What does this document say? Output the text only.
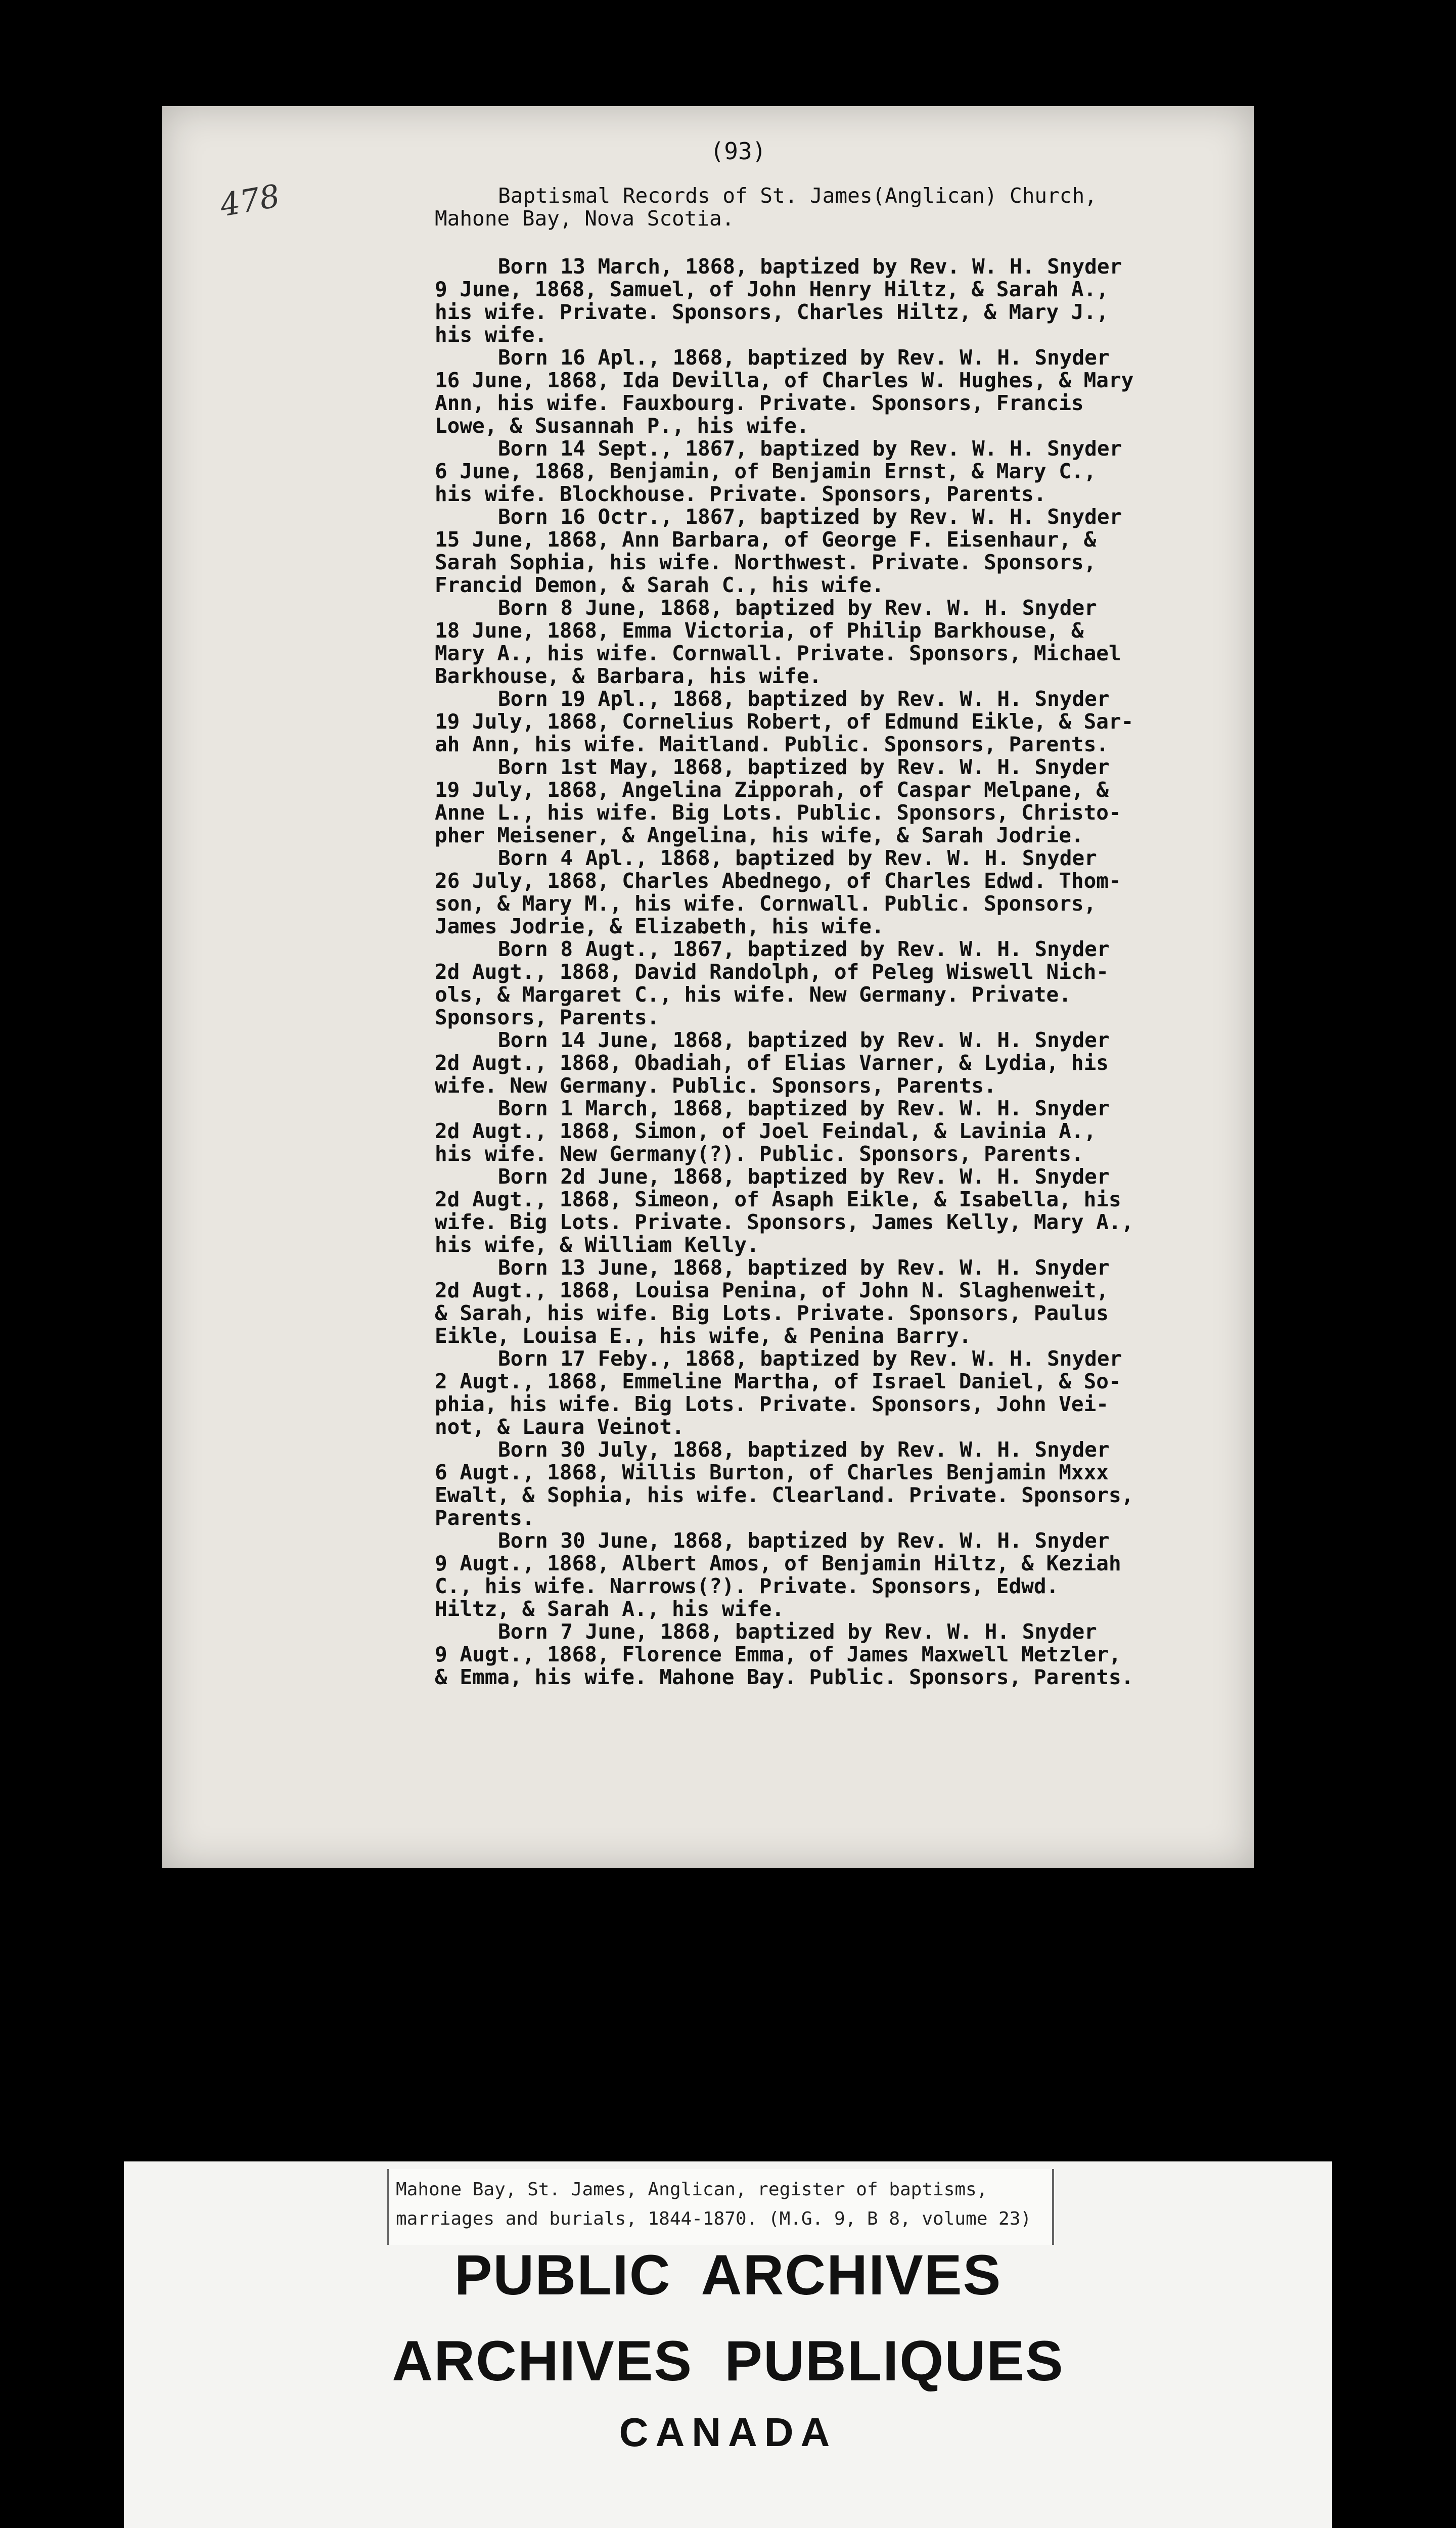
478
(93)
Baptismal Records of St. James(Anglican) Church,
Mahone Bay, Nova Scotia.
Born 13 March, 1868, baptized by Rev. W. H. Snyder
9 June, 1868, Samuel, of John Henry Hiltz, & Sarah A.,
his wife. Private. Sponsors, Charles Hiltz, & Mary J.,
his wife.
Born 16 Apl., 1868, baptized by Rev. W. H. Snyder
16 June, 1868, Ida Devilla, of Charles W. Hughes, & Mary
Ann, his wife. Fauxbourg. Private. Sponsors, Francis
Lowe, & Susannah P., his wife.
Born 14 Sept., 1867, baptized by Rev. W. H. Snyder
6 June, 1868, Benjamin, of Benjamin Ernst, & Mary C.,
his wife. Blockhouse. Private. Sponsors, Parents.
Born 16 Octr., 1867, baptized by Rev. W. H. Snyder
15 June, 1868, Ann Barbara, of George F. Eisenhaur, &
Sarah Sophia, his wife. Northwest. Private. Sponsors,
Francid Demon, & Sarah C., his wife.
Born 8 June, 1868, baptized by Rev. W. H. Snyder
18 June, 1868, Emma Victoria, of Philip Barkhouse, &
Mary A., his wife. Cornwall. Private. Sponsors, Michael
Barkhouse, & Barbara, his wife.
Born 19 Apl., 1868, baptized by Rev. W. H. Snyder
19 July, 1868, Cornelius Robert, of Edmund Eikle, & Sar-
ah Ann, his wife. Maitland. Public. Sponsors, Parents.
Born 1st May, 1868, baptized by Rev. W. H. Snyder
19 July, 1868, Angelina Zipporah, of Caspar Melpane, &
Anne L., his wife. Big Lots. Public. Sponsors, Christo-
pher Meisener, & Angelina, his wife, & Sarah Jodrie.
Born 4 Apl., 1868, baptized by Rev. W. H. Snyder
26 July, 1868, Charles Abednego, of Charles Edwd. Thom-
son, & Mary M., his wife. Cornwall. Public. Sponsors,
James Jodrie, & Elizabeth, his wife.
Born 8 Augt., 1867, baptized by Rev. W. H. Snyder
2d Augt., 1868, David Randolph, of Peleg Wiswell Nich-
ols, & Margaret C., his wife. New Germany. Private.
Sponsors, Parents.
Born 14 June, 1868, baptized by Rev. W. H. Snyder
2d Augt., 1868, Obadiah, of Elias Varner, & Lydia, his
wife. New Germany. Public. Sponsors, Parents.
Born 1 March, 1868, baptized by Rev. W. H. Snyder
2d Augt., 1868, Simon, of Joel Feindal, & Lavinia A.,
his wife. New Germany(?). Public. Sponsors, Parents.
Born 2d June, 1868, baptized by Rev. W. H. Snyder
2d Augt., 1868, Simeon, of Asaph Eikle, & Isabella, his
wife. Big Lots. Private. Sponsors, James Kelly, Mary A.,
his wife, & William Kelly.
Born 13 June, 1868, baptized by Rev. W. H. Snyder
2d Augt., 1868, Louisa Penina, of John N. Slaghenweit,
& Sarah, his wife. Big Lots. Private. Sponsors, Paulus
Eikle, Louisa E., his wife, & Penina Barry.
Born 17 Feby., 1868, baptized by Rev. W. H. Snyder
2 Augt., 1868, Emmeline Martha, of Israel Daniel, & So-
phia, his wife. Big Lots. Private. Sponsors, John Vei-
not, & Laura Veinot.
Born 30 July, 1868, baptized by Rev. W. H. Snyder
6 Augt., 1868, Willis Burton, of Charles Benjamin Mxxx
Ewalt, & Sophia, his wife. Clearland. Private. Sponsors,
Parents.
Born 30 June, 1868, baptized by Rev. W. H. Snyder
9 Augt., 1868, Albert Amos, of Benjamin Hiltz, & Keziah
C., his wife. Narrows(?). Private. Sponsors, Edwd.
Hiltz, & Sarah A., his wife.
Born 7 June, 1868, baptized by Rev. W. H. Snyder
9 Augt., 1868, Florence Emma, of James Maxwell Metzler,
& Emma, his wife. Mahone Bay. Public. Sponsors, Parents.
Mahone Bay, St. James, Anglican, register of baptisms,
marriages and burials, 1844-1870. (M.G. 9, B 8, volume 23)
PUBLIC ARCHIVES
ARCHIVES PUBLIQUES
CANADA
